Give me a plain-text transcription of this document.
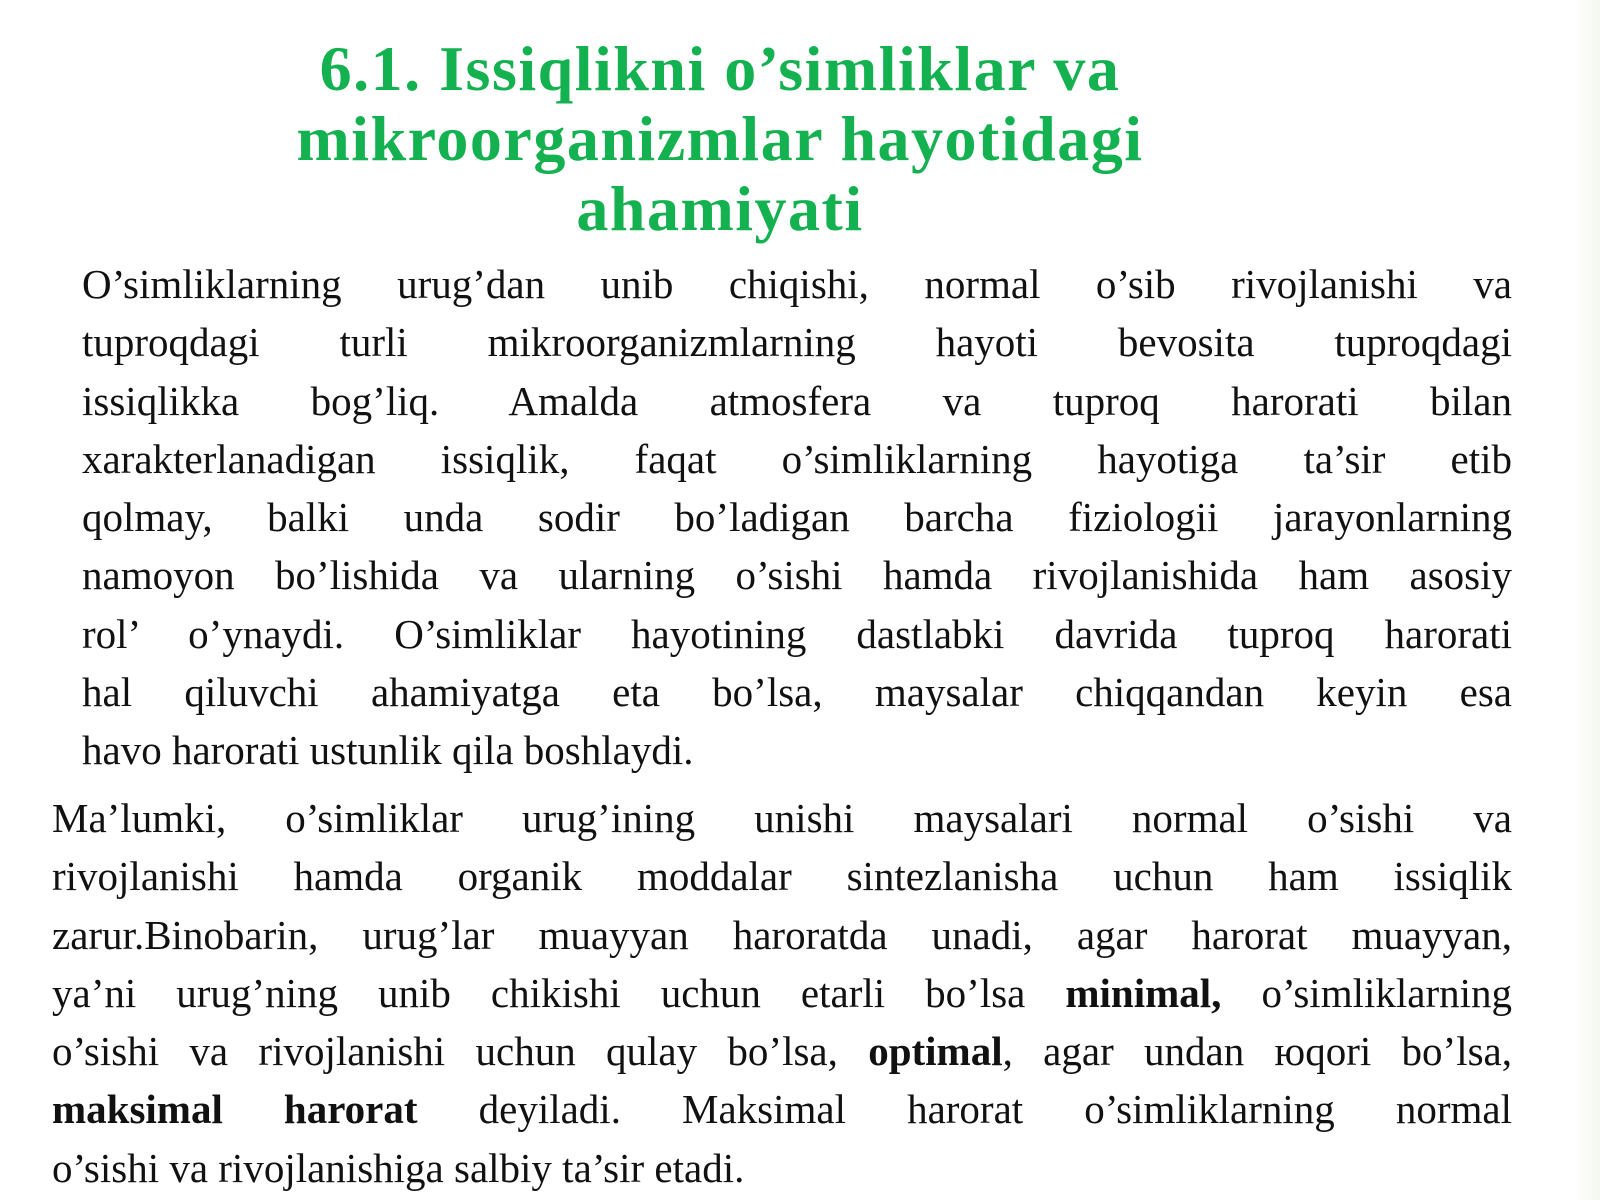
6.1. Issiqlikni o’simliklar va
mikroorganizmlar hayotidagi
ahamiyati
O’simliklarning urug’dan unib chiqishi, normal o’sib rivojlanishi va
tuproqdagi turli mikroorganizmlarning hayoti bevosita tuproqdagi
issiqlikka bog’liq. Amalda atmosfera va tuproq harorati bilan
xarakterlanadigan issiqlik, faqat o’simliklarning hayotiga ta’sir etib
qolmay, balki unda sodir bo’ladigan barcha fiziologii jarayonlarning
namoyon bo’lishida va ularning o’sishi hamda rivojlanishida ham asosiy
rol’ o’ynaydi. O’simliklar hayotining dastlabki davrida tuproq harorati
hal qiluvchi ahamiyatga eta bo’lsa, maysalar chiqqandan keyin esa
havo harorati ustunlik qila boshlaydi.
Ma’lumki, o’simliklar urug’ining unishi maysalari normal o’sishi va
rivojlanishi hamda organik moddalar sintezlanisha uchun ham issiqlik
zarur.Binobarin, urug’lar muayyan haroratda unadi, agar harorat muayyan,
ya’ni urug’ning unib chikishi uchun etarli bo’lsa minimal, o’simliklarning
o’sishi va rivojlanishi uchun qulay bo’lsa, optimal, agar undan юqori bo’lsa,
maksimal harorat deyiladi. Maksimal harorat o’simliklarning normal
o’sishi va rivojlanishiga salbiy ta’sir etadi.
